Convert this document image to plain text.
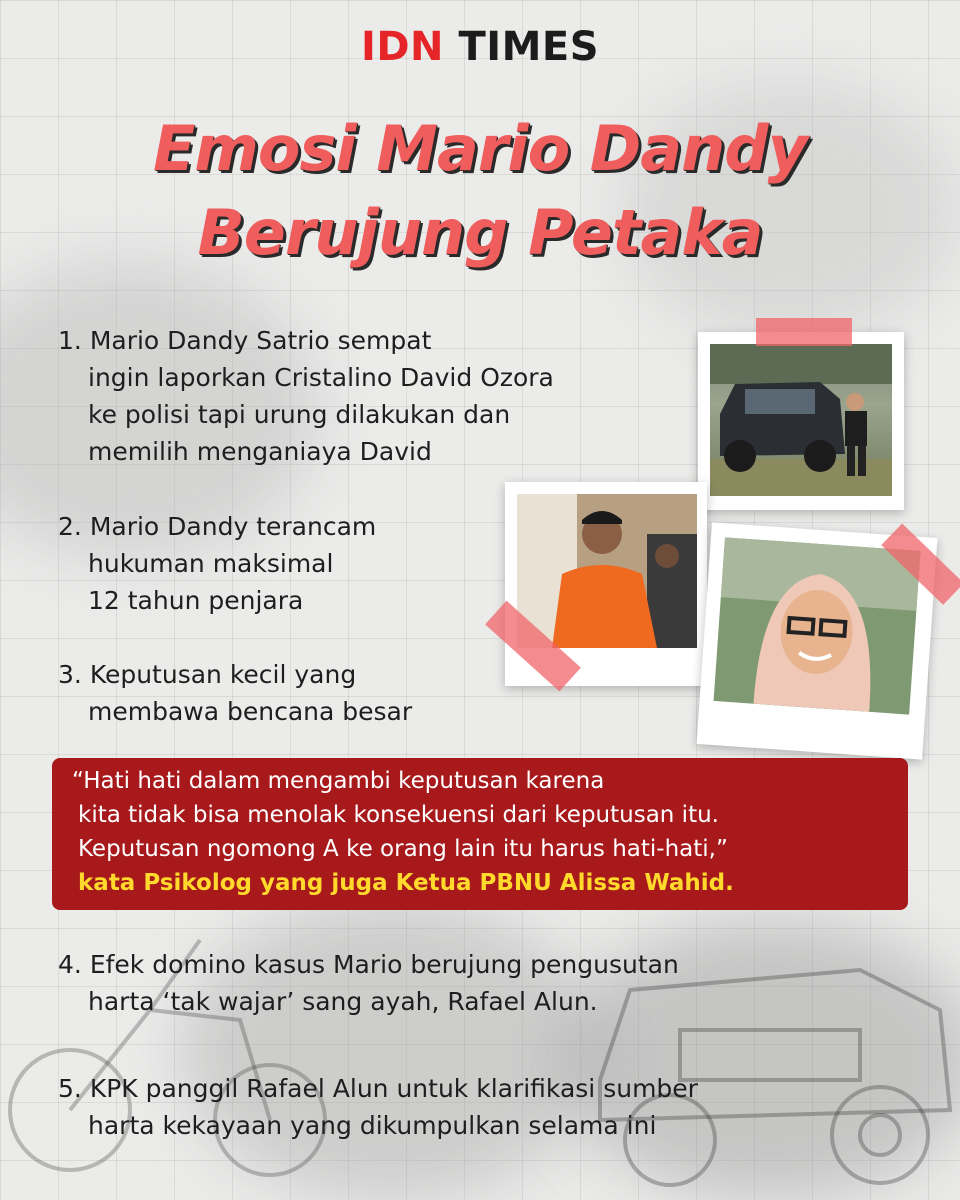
IDN TIMES
Emosi Mario Dandy
Berujung Petaka
1. Mario Dandy Satrio sempat
ingin laporkan Cristalino David Ozora
ke polisi tapi urung dilakukan dan
memilih menganiaya David
2. Mario Dandy terancam
hukuman maksimal
12 tahun penjara
3. Keputusan kecil yang
membawa bencana besar
“Hati hati dalam mengambi keputusan karena
kita tidak bisa menolak konsekuensi dari keputusan itu.
Keputusan ngomong A ke orang lain itu harus hati-hati,”
kata Psikolog yang juga Ketua PBNU Alissa Wahid.
4. Efek domino kasus Mario berujung pengusutan
harta ‘tak wajar’ sang ayah, Rafael Alun.
5. KPK panggil Rafael Alun untuk klarifikasi sumber
harta kekayaan yang dikumpulkan selama ini
